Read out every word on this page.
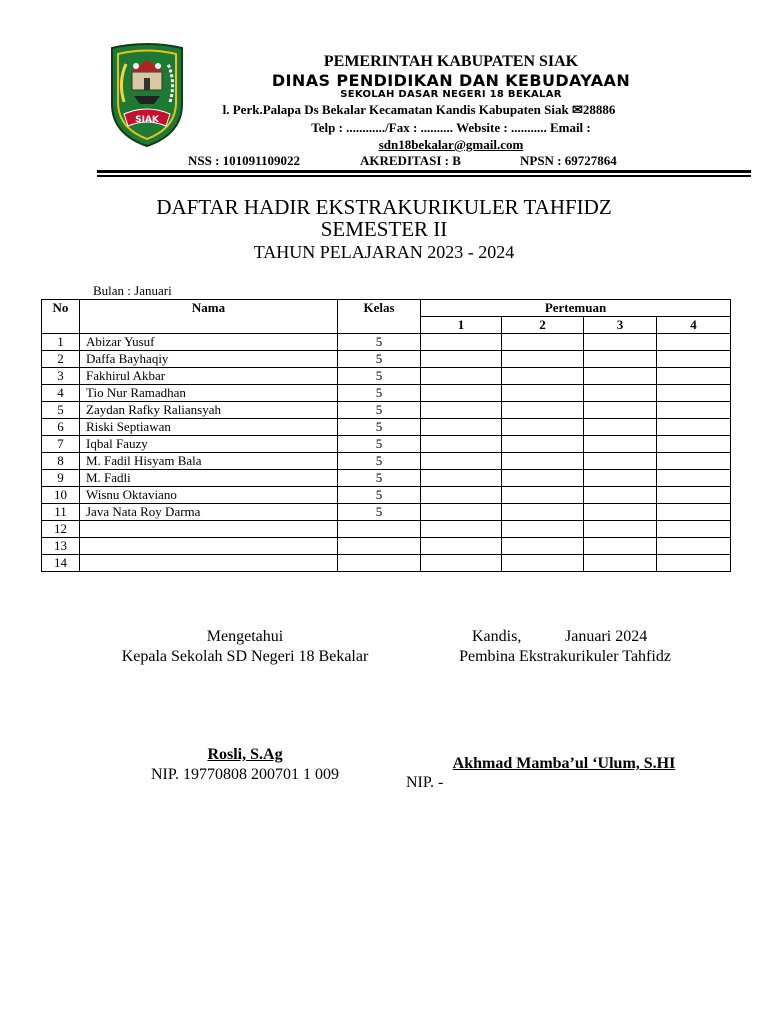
SIAK
PEMERINTAH KABUPATEN SIAK
DINAS PENDIDIKAN DAN KEBUDAYAAN
SEKOLAH DASAR NEGERI 18 BEKALAR
l. Perk.Palapa Ds Bekalar Kecamatan Kandis Kabupaten Siak ✉28886
Telp : ............/Fax : .......... Website : ........... Email :
sdn18bekalar@gmail.com
NSS : 101091109022	AKREDITASI : B	NPSN : 69727864
DAFTAR HADIR EKSTRAKURIKULER TAHFIDZ
SEMESTER II
TAHUN PELAJARAN 2023 - 2024
Bulan : Januari
No	Nama	Kelas	Pertemuan			
			1	2	3	4
1	Abizar Yusuf	5				
2	Daffa Bayhaqiy	5				
3	Fakhirul Akbar	5				
4	Tio Nur Ramadhan	5				
5	Zaydan Rafky Raliansyah	5				
6	Riski Septiawan	5				
7	Iqbal Fauzy	5				
8	M. Fadil Hisyam Bala	5				
9	M. Fadli	5				
10	Wisnu Oktaviano	5				
11	Java Nata Roy Darma	5				
12						
13						
14						
Mengetahui
Kepala Sekolah SD Negeri 18 Bekalar
Kandis,	Januari 2024
Pembina Ekstrakurikuler Tahfidz
Rosli, S.Ag
NIP. 19770808 200701 1 009
Akhmad Mamba’ul ‘Ulum, S.HI
NIP. -
